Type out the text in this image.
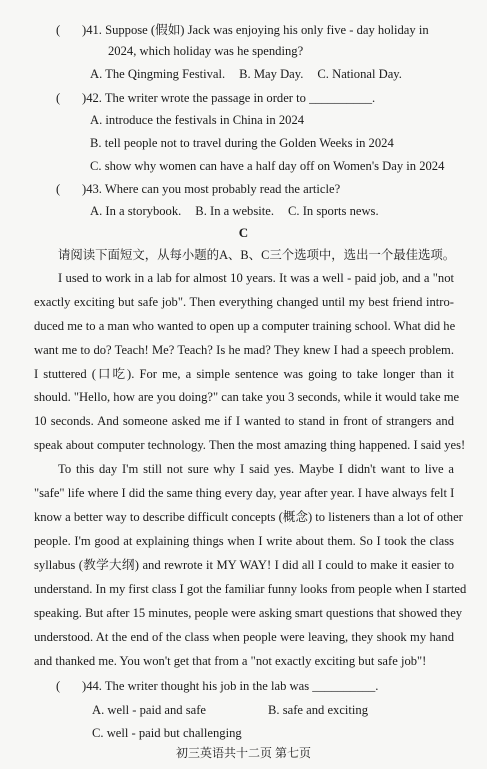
( )41. Suppose (假如) Jack was enjoying his only five - day holiday in
2024, which holiday was he spending?
A. The Qingming Festival. B. May Day. C. National Day.
( )42. The writer wrote the passage in order to __________.
A. introduce the festivals in China in 2024
B. tell people not to travel during the Golden Weeks in 2024
C. show why women can have a half day off on Women's Day in 2024
( )43. Where can you most probably read the article?
A. In a storybook. B. In a website. C. In sports news.
C
请阅读下面短文，从每小题的A、B、C三个选项中，选出一个最佳选项。
I used to work in a lab for almost 10 years. It was a well - paid job, and a "not
exactly exciting but safe job". Then everything changed until my best friend intro-
duced me to a man who wanted to open up a computer training school. What did he
want me to do? Teach! Me? Teach? Is he mad? They knew I had a speech problem.
I stuttered (口吃). For me, a simple sentence was going to take longer than it
should. "Hello, how are you doing?" can take you 3 seconds, while it would take me
10 seconds. And someone asked me if I wanted to stand in front of strangers and
speak about computer technology. Then the most amazing thing happened. I said yes!
To this day I'm still not sure why I said yes. Maybe I didn't want to live a
"safe" life where I did the same thing every day, year after year. I have always felt I
know a better way to describe difficult concepts (概念) to listeners than a lot of other
people. I'm good at explaining things when I write about them. So I took the class
syllabus (教学大纲) and rewrote it MY WAY! I did all I could to make it easier to
understand. In my first class I got the familiar funny looks from people when I started
speaking. But after 15 minutes, people were asking smart questions that showed they
understood. At the end of the class when people were leaving, they shook my hand
and thanked me. You won't get that from a "not exactly exciting but safe job"!
( )44. The writer thought his job in the lab was __________.
A. well - paid and safe	B. safe and exciting
C. well - paid but challenging
初三英语共十二页 第七页
